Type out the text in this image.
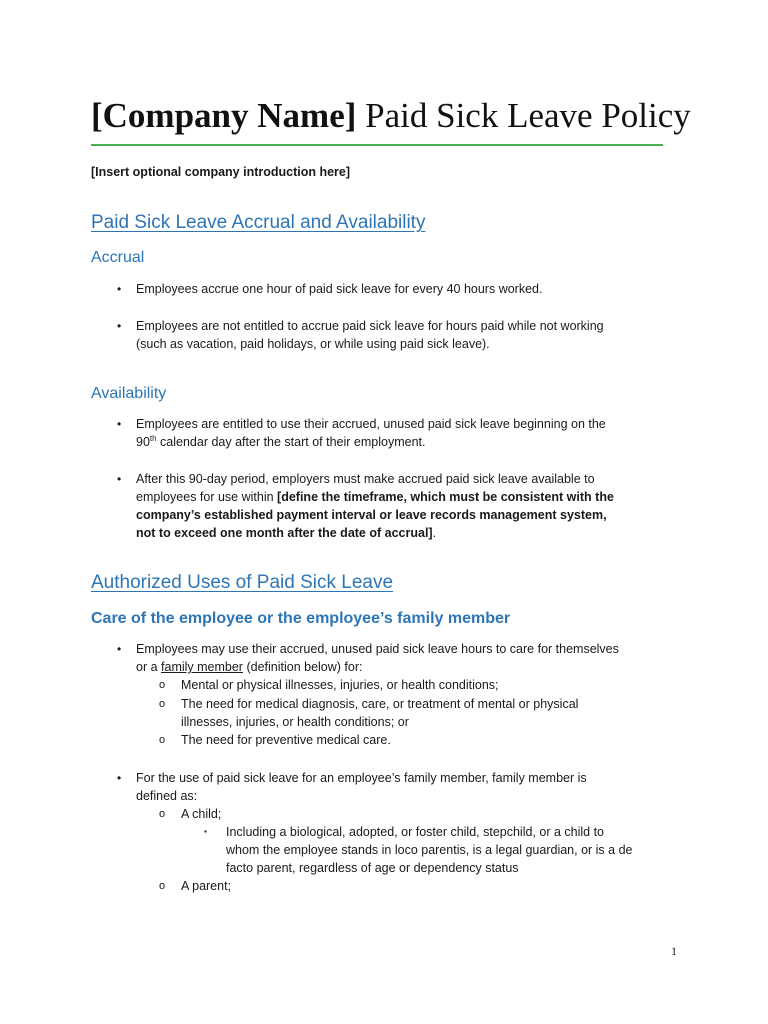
[Company Name] Paid Sick Leave Policy

[Insert optional company introduction here]

Paid Sick Leave Accrual and Availability
Accrual
• Employees accrue one hour of paid sick leave for every 40 hours worked.

• Employees are not entitled to accrue paid sick leave for hours paid while not working
(such as vacation, paid holidays, or while using paid sick leave).

Availability
• Employees are entitled to use their accrued, unused paid sick leave beginning on the
90th calendar day after the start of their employment.

• After this 90-day period, employers must make accrued paid sick leave available to
employees for use within [define the timeframe, which must be consistent with the
company’s established payment interval or leave records management system,
not to exceed one month after the date of accrual].

Authorized Uses of Paid Sick Leave
Care of the employee or the employee’s family member
• Employees may use their accrued, unused paid sick leave hours to care for themselves
or a family member (definition below) for:

o Mental or physical illnesses, injuries, or health conditions;

o The need for medical diagnosis, care, or treatment of mental or physical
illnesses, injuries, or health conditions; or

o The need for preventive medical care.

• For the use of paid sick leave for an employee’s family member, family member is
defined as:

o A child;

▪ Including a biological, adopted, or foster child, stepchild, or a child to
whom the employee stands in loco parentis, is a legal guardian, or is a de
facto parent, regardless of age or dependency status

o A parent;

1
